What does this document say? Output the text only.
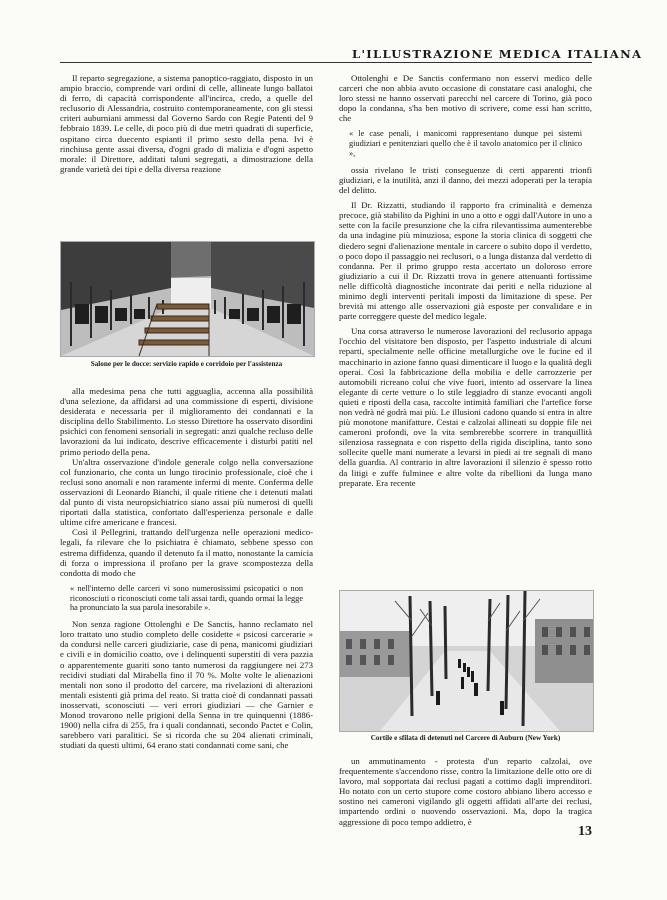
L'ILLUSTRAZIONE MEDICA ITALIANA

Il reparto segregazione, a sistema panoptico-raggiato, disposto in un ampio braccio, comprende vari ordini di celle, allineate lungo ballatoi di ferro, di capacità corrispondente all'incirca, credo, a quelle del reclusorio di Alessandria, costruito contemporaneamente, con gli stessi criteri auburniani ammessi dal Governo Sardo con Regie Patenti del 9 febbraio 1839. Le celle, di poco più di due metri quadrati di superficie, ospitano circa duecento espianti il primo sesto della pena. Ivi è rinchiusa gente assai diversa, d'ogni grado di malizia e d'ogni aspetto morale: il Direttore, additati taluni segregati, a dimostrazione della grande varietà dei tipi e della diversa reazione

Salone per le docce: servizio rapido e corridoio per l'assistenza

alla medesima pena che tutti agguaglia, accenna alla possibilità d'una selezione, da affidarsi ad una commissione di esperti, divisione desiderata e necessaria per il miglioramento dei condannati e la disciplina dello Stabilimento. Lo stesso Direttore ha osservato disordini psichici con fenomeni sensoriali in segregati: anzi qualche recluso delle lavorazioni da lui indicato, descrive efficacemente i disturbi patiti nel primo periodo della pena.

Un'altra osservazione d'indole generale colgo nella conversazione col funzionario, che conta un lungo tirocinio professionale, cioè che i reclusi sono anomali e non raramente infermi di mente. Conferma delle osservazioni di Leonardo Bianchi, il quale ritiene che i detenuti malati dal punto di vista neuropsichiatrico siano assai più numerosi di quelli riportati dalla statistica, confortato dall'esperienza personale e dalle ultime cifre americane e francesi.

Così il Pellegrini, trattando dell'urgenza nelle operazioni medico-legali, fa rilevare che lo psichiatra è chiamato, sebbene spesso con estrema diffidenza, quando il detenuto fa il matto, nonostante la camicia di forza o impressiona il profano per la grave scompostezza della condotta di modo che

« nell'interno delle carceri vi sono numerosissimi psicopatici o non riconosciuti o riconosciuti come tali assai tardi, quando ormai la legge ha pronunciato la sua parola inesorabile ».

Non senza ragione Ottolenghi e De Sanctis, hanno reclamato nel loro trattato uno studio completo delle cosidette « psicosi carcerarie » da condursi nelle carceri giudiziarie, case di pena, manicomi giudiziari e civili e in domicilio coatto, ove i delinquenti superstiti di vera pazzia o apparentemente guariti sono tanto numerosi da raggiungere nei 273 recidivi studiati dal Mirabella fino il 70 %. Molte volte le alienazioni mentali non sono il prodotto del carcere, ma rivelazioni di alterazioni mentali esistenti già prima del reato. Si tratta cioè di condannati passati inosservati, sconosciuti — veri errori giudiziari — che Garnier e Monod trovarono nelle prigioni della Senna in tre quinquenni (1886-1900) nella cifra di 255, fra i quali condannati, secondo Pactet e Colin, sarebbero vari paralitici. Se si ricorda che su 204 alienati criminali, studiati da questi ultimi, 64 erano stati condannati come sani, che

Ottolenghi e De Sanctis confermano non esservi medico delle carceri che non abbia avuto occasione di constatare casi analoghi, che loro stessi ne hanno osservati parecchi nel carcere di Torino, già poco dopo la condanna, s'ha ben motivo di scrivere, come essi han scritto, che

« le case penali, i manicomi rappresentano dunque pei sistemi giudiziari e penitenziari quello che è il tavolo anatomico per il clinico »,

ossia rivelano le tristi conseguenze di certi apparenti trionfi giudiziari, e la inutilità, anzi il danno, dei mezzi adoperati per la terapia del delitto.

Il Dr. Rizzatti, studiando il rapporto fra criminalità e demenza precoce, già stabilito da Pighini in uno a otto e oggi dall'Autore in uno a sette con la facile presunzione che la cifra rilevantissima aumenterebbe da una indagine più minuziosa, espone la storia clinica di soggetti che diedero segni d'alienazione mentale in carcere o subito dopo il verdetto, o poco dopo il passaggio nei reclusori, o a lunga distanza dal verdetto di condanna. Per il primo gruppo resta accertato un doloroso errore giudiziario a cui il Dr. Rizzatti trova in genere attenuanti fortissime nelle difficoltà diagnostiche incontrate dai periti e nella riduzione al minimo degli interventi peritali imposti da limitazione di spese. Per brevità mi attengo alle osservazioni già esposte per convalidare e in parte correggere queste del medico legale.

Una corsa attraverso le numerose lavorazioni del reclusorio appaga l'occhio del visitatore ben disposto, per l'aspetto industriale di alcuni reparti, specialmente nelle officine metallurgiche ove le fucine ed il macchinario in azione fanno quasi dimenticare il luogo e la qualità degli operai. Così la fabbricazione della mobilia e delle carrozzerie per automobili ricreano colui che vive fuori, intento ad osservare la linea elegante di certe vetture o lo stile leggiadro di stanze evocanti angoli quieti e riposti della casa, raccolte intimità familiari che l'artefice forse non vedrà né godrà mai più. Le illusioni cadono quando si entra in altre più monotone manifatture. Cestai e calzolai allineati su doppie file nei cameroni profondi, ove la vita sembrerebbe scorrere in tranquillità silenziosa rassegnata e con rispetto della rigida disciplina, tanto sono sollecite quelle mani numerate a levarsi in piedi ai tre segnali di mano della guardia. Al contrario in altre lavorazioni il silenzio è spesso rotto da litigi e zuffe fulminee e altre volte da ribellioni da lunga mano preparate. Era recente

Cortile e sfilata di detenuti nel Carcere di Auburn (New York)

un ammutinamento - protesta d'un reparto calzolai, ove frequentemente s'accendono risse, contro la limitazione delle otto ore di lavoro, mal sopportata dai reclusi pagati a cottimo dagli imprenditori. Ho notato con un certo stupore come costoro abbiano libero accesso e sostino nei cameroni vigilando gli oggetti affidati all'arte dei reclusi, impartendo ordini o nuovendo osservazioni. Ma, dopo la tragica aggressione di poco tempo addietro, è

13
